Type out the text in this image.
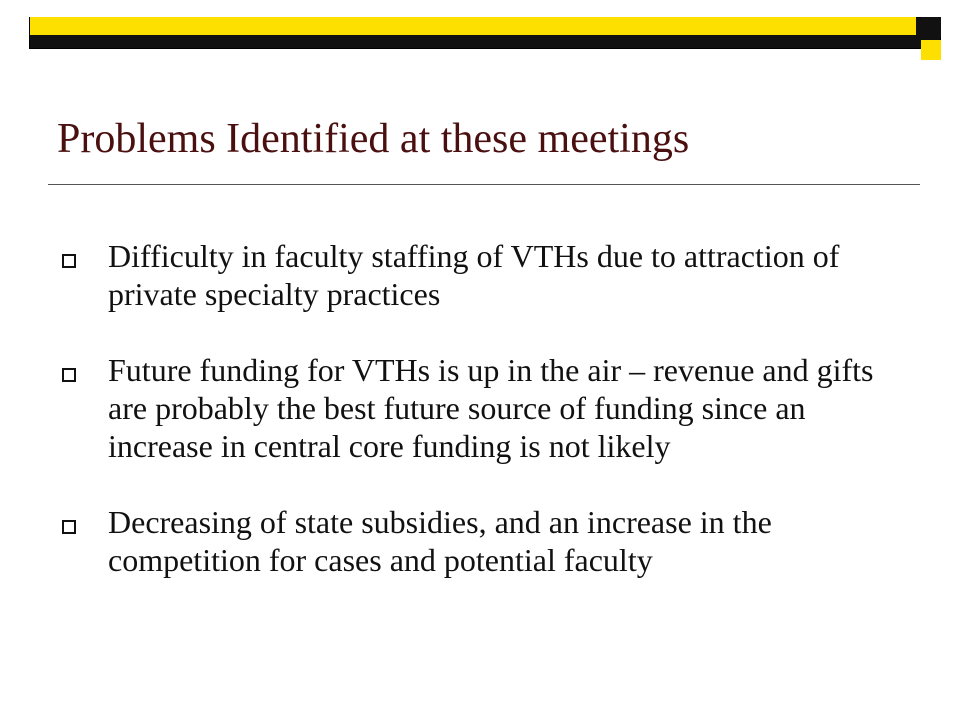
Problems Identified at these meetings
Difficulty in faculty staffing of VTHs due to attraction of private specialty practices
Future funding for VTHs is up in the air – revenue and gifts are probably the best future source of funding since an increase in central core funding is not likely
Decreasing of state subsidies, and an increase in the competition for cases and potential faculty
